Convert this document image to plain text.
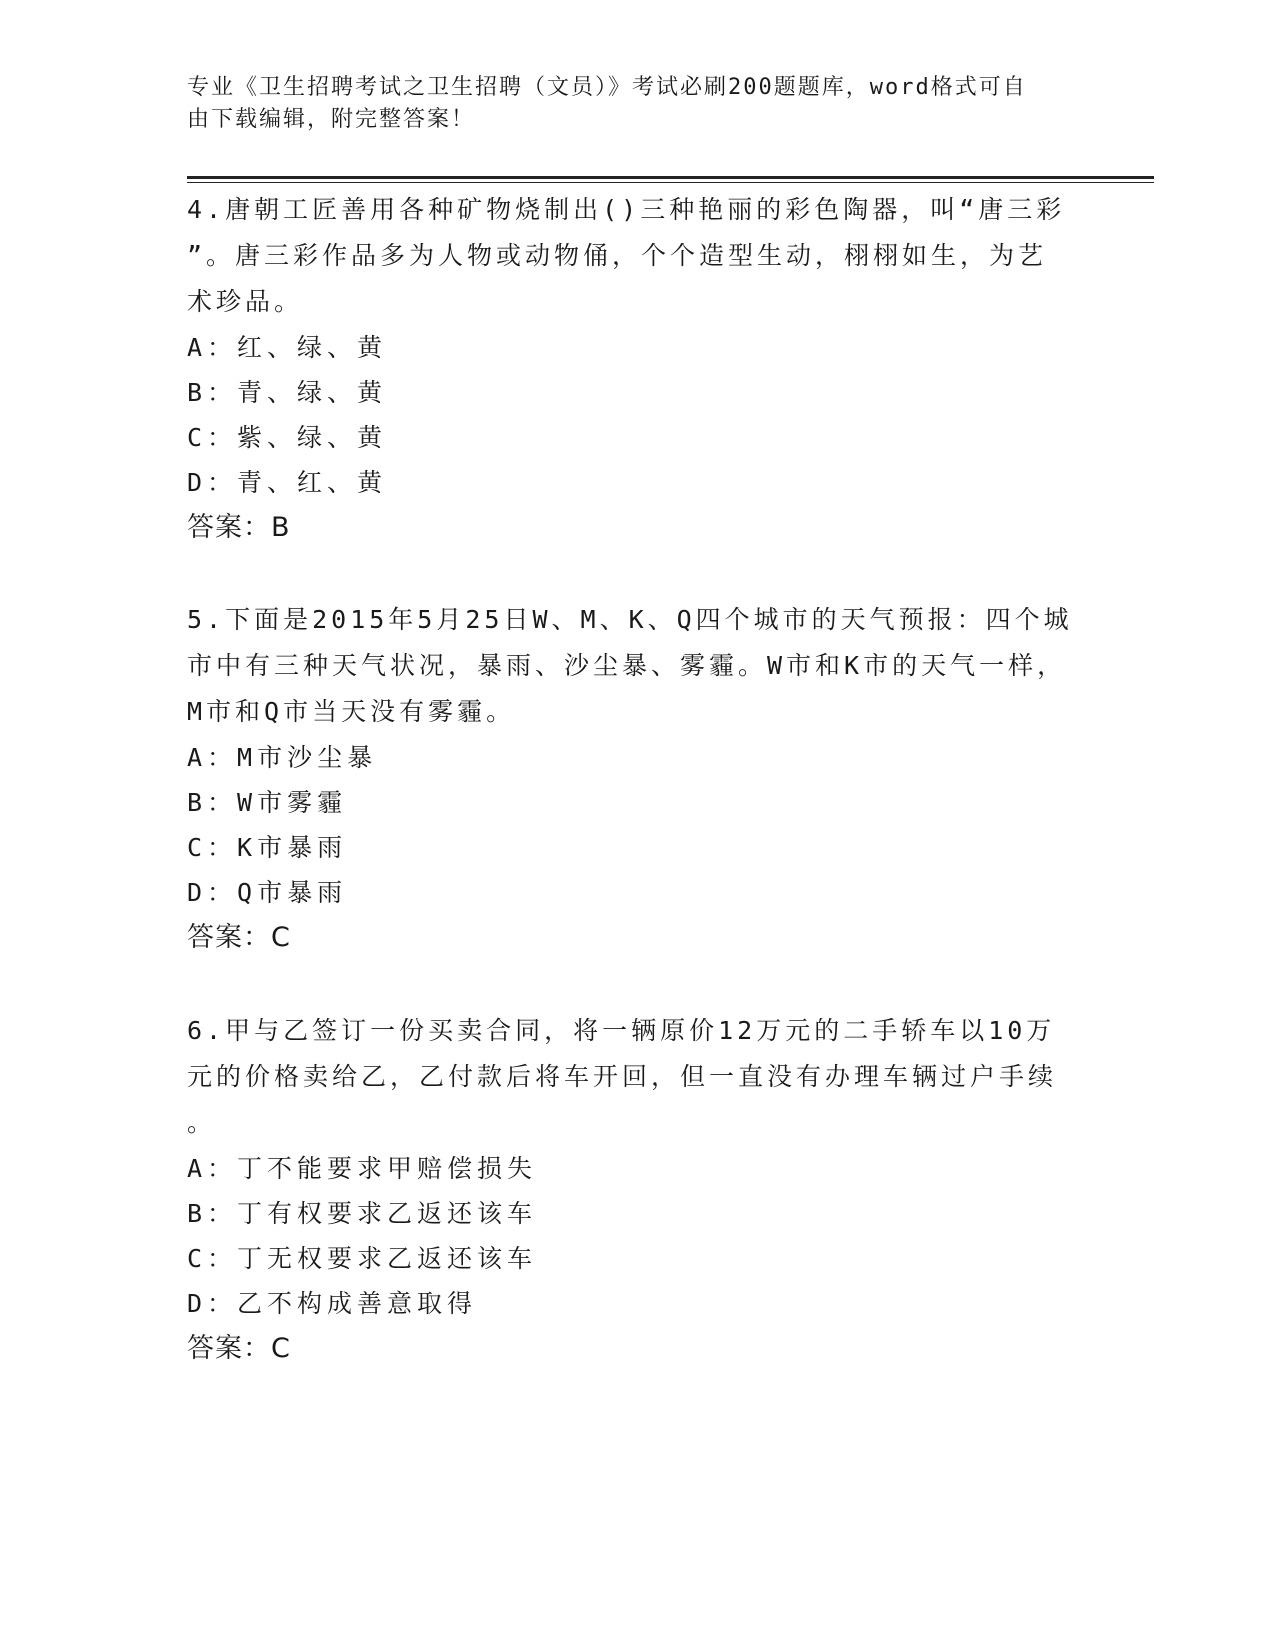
专业《卫生招聘考试之卫生招聘（文员）》考试必刷200题题库，word格式可自
由下载编辑，附完整答案！
4.唐朝工匠善用各种矿物烧制出()三种艳丽的彩色陶器，叫“唐三彩
”。唐三彩作品多为人物或动物俑，个个造型生动，栩栩如生，为艺
术珍品。
A：红、绿、黄
B：青、绿、黄
C：紫、绿、黄
D：青、红、黄
答案：B
5.下面是2015年5月25日W、M、K、Q四个城市的天气预报：四个城
市中有三种天气状况，暴雨、沙尘暴、雾霾。W市和K市的天气一样，
M市和Q市当天没有雾霾。
A：M市沙尘暴
B：W市雾霾
C：K市暴雨
D：Q市暴雨
答案：C
6.甲与乙签订一份买卖合同，将一辆原价12万元的二手轿车以10万
元的价格卖给乙，乙付款后将车开回，但一直没有办理车辆过户手续
。
A：丁不能要求甲赔偿损失
B：丁有权要求乙返还该车
C：丁无权要求乙返还该车
D：乙不构成善意取得
答案：C
